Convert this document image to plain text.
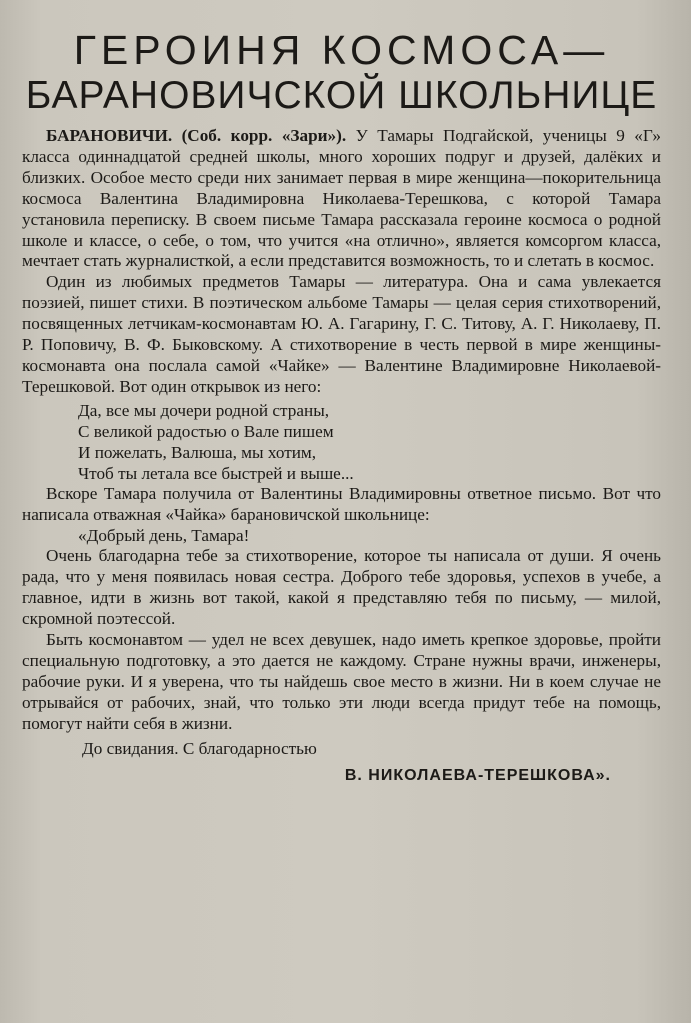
ГЕРОИНЯ КОСМОСА—
БАРАНОВИЧСКОЙ ШКОЛЬНИЦЕ

БАРАНОВИЧИ. (Соб. корр. «Зари»). У Тамары Подгайской, ученицы 9 «Г» класса одиннадцатой средней школы, много хороших подруг и друзей, далёких и близких. Особое место среди них занимает первая в мире женщина—покорительница космоса Валентина Владимировна Николаева-Терешкова, с которой Тамара установила переписку. В своем письме Тамара рассказала героине космоса о родной школе и классе, о себе, о том, что учится «на отлично», является комсоргом класса, мечтает стать журналисткой, а если представится возможность, то и слетать в космос.

Один из любимых предметов Тамары — литература. Она и сама увлекается поэзией, пишет стихи. В поэтическом альбоме Тамары — целая серия стихотворений, посвященных летчикам-космонавтам Ю. А. Гагарину, Г. С. Титову, А. Г. Николаеву, П. Р. Поповичу, В. Ф. Быковскому. А стихотворение в честь первой в мире женщины-космонавта она послала самой «Чайке» — Валентине Владимировне Николаевой-Терешковой. Вот один открывок из него:

Да, все мы дочери родной страны,
С великой радостью о Вале пишем
И пожелать, Валюша, мы хотим,
Чтоб ты летала все быстрей и выше...

Вскоре Тамара получила от Валентины Владимировны ответное письмо. Вот что написала отважная «Чайка» барановичской школьнице:

«Добрый день, Тамара!

Очень благодарна тебе за стихотворение, которое ты написала от души. Я очень рада, что у меня появилась новая сестра. Доброго тебе здоровья, успехов в учебе, а главное, идти в жизнь вот такой, какой я представляю тебя по письму, — милой, скромной поэтессой.

Быть космонавтом — удел не всех девушек, надо иметь крепкое здоровье, пройти специальную подготовку, а это дается не каждому. Стране нужны врачи, инженеры, рабочие руки. И я уверена, что ты найдешь свое место в жизни. Ни в коем случае не отрывайся от рабочих, знай, что только эти люди всегда придут тебе на помощь, помогут найти себя в жизни.

До свидания. С благодарностью

В. НИКОЛАЕВА-ТЕРЕШКОВА».
